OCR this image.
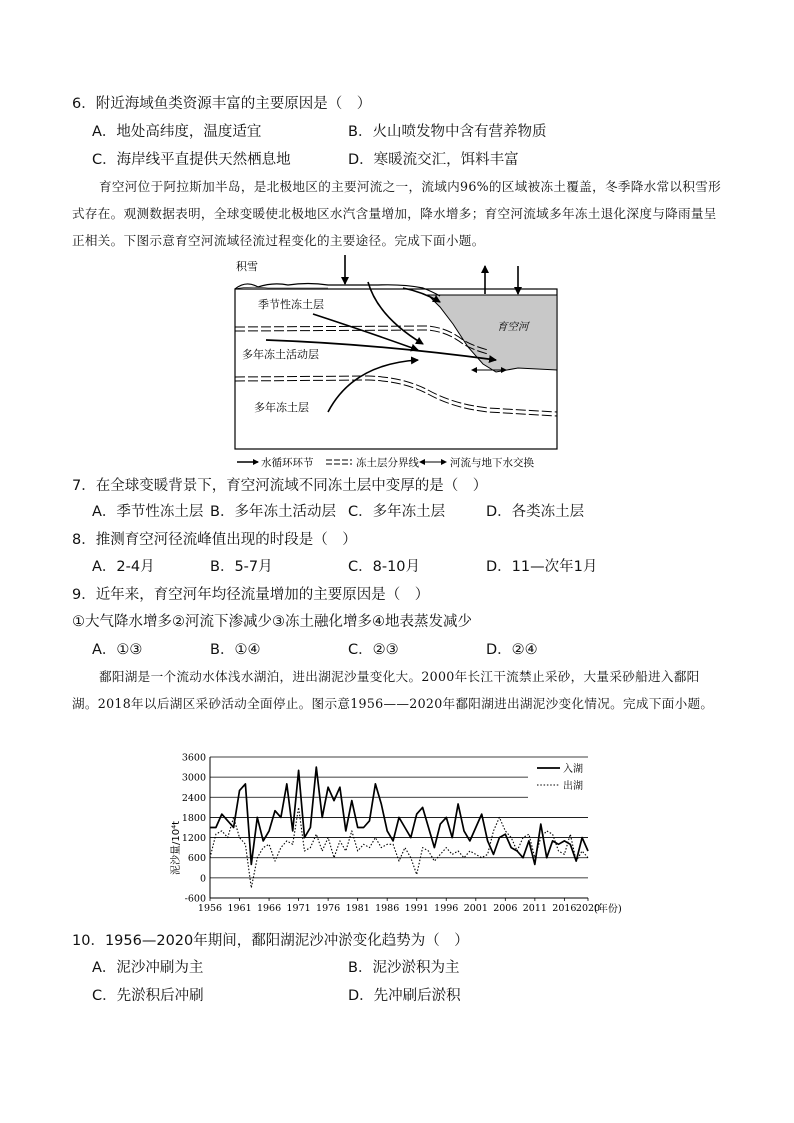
6．附近海域鱼类资源丰富的主要原因是（　）
A．地处高纬度，温度适宜	B．火山喷发物中含有营养物质
C．海岸线平直提供天然栖息地	D．寒暖流交汇，饵料丰富
育空河位于阿拉斯加半岛，是北极地区的主要河流之一，流域内96%的区域被冻土覆盖，冬季降水常以积雪形式存在。观测数据表明，全球变暖使北极地区水汽含量增加，降水增多；育空河流域多年冻土退化深度与降雨量呈正相关。下图示意育空河流域径流过程变化的主要途径。完成下面小题。
积雪
季节性冻土层
多年冻土活动层
多年冻土层
育空河
水循环环节	冻土层分界线	河流与地下水交换
7．在全球变暖背景下，育空河流域不同冻土层中变厚的是（　）
A．季节性冻土层 B．多年冻土活动层 C．多年冻土层	D．各类冻土层
8．推测育空河径流峰值出现的时段是（　）
A．2-4月	B．5-7月	C．8-10月	D．11—次年1月
9．近年来，育空河年均径流量增加的主要原因是（　）
①大气降水增多②河流下渗减少③冻土融化增多④地表蒸发减少
A．①③	B．①④	C．②③	D．②④
鄱阳湖是一个流动水体浅水湖泊，进出湖泥沙量变化大。2000年长江干流禁止采砂，大量采砂船进入鄱阳湖。2018年以后湖区采砂活动全面停止。图示意1956——2020年鄱阳湖进出湖泥沙变化情况。完成下面小题。
泥沙量/10⁴t
(年份)
3600
3000
2400
1800
1200
600
0
-600
1956 1961 1966 1971 1976 1981 1986 1991 1996 2001 2006 2011 2016 2020
入湖
出湖
10．1956—2020年期间，鄱阳湖泥沙冲淤变化趋势为（　）
A．泥沙冲刷为主	B．泥沙淤积为主
C．先淤积后冲刷	D．先冲刷后淤积
